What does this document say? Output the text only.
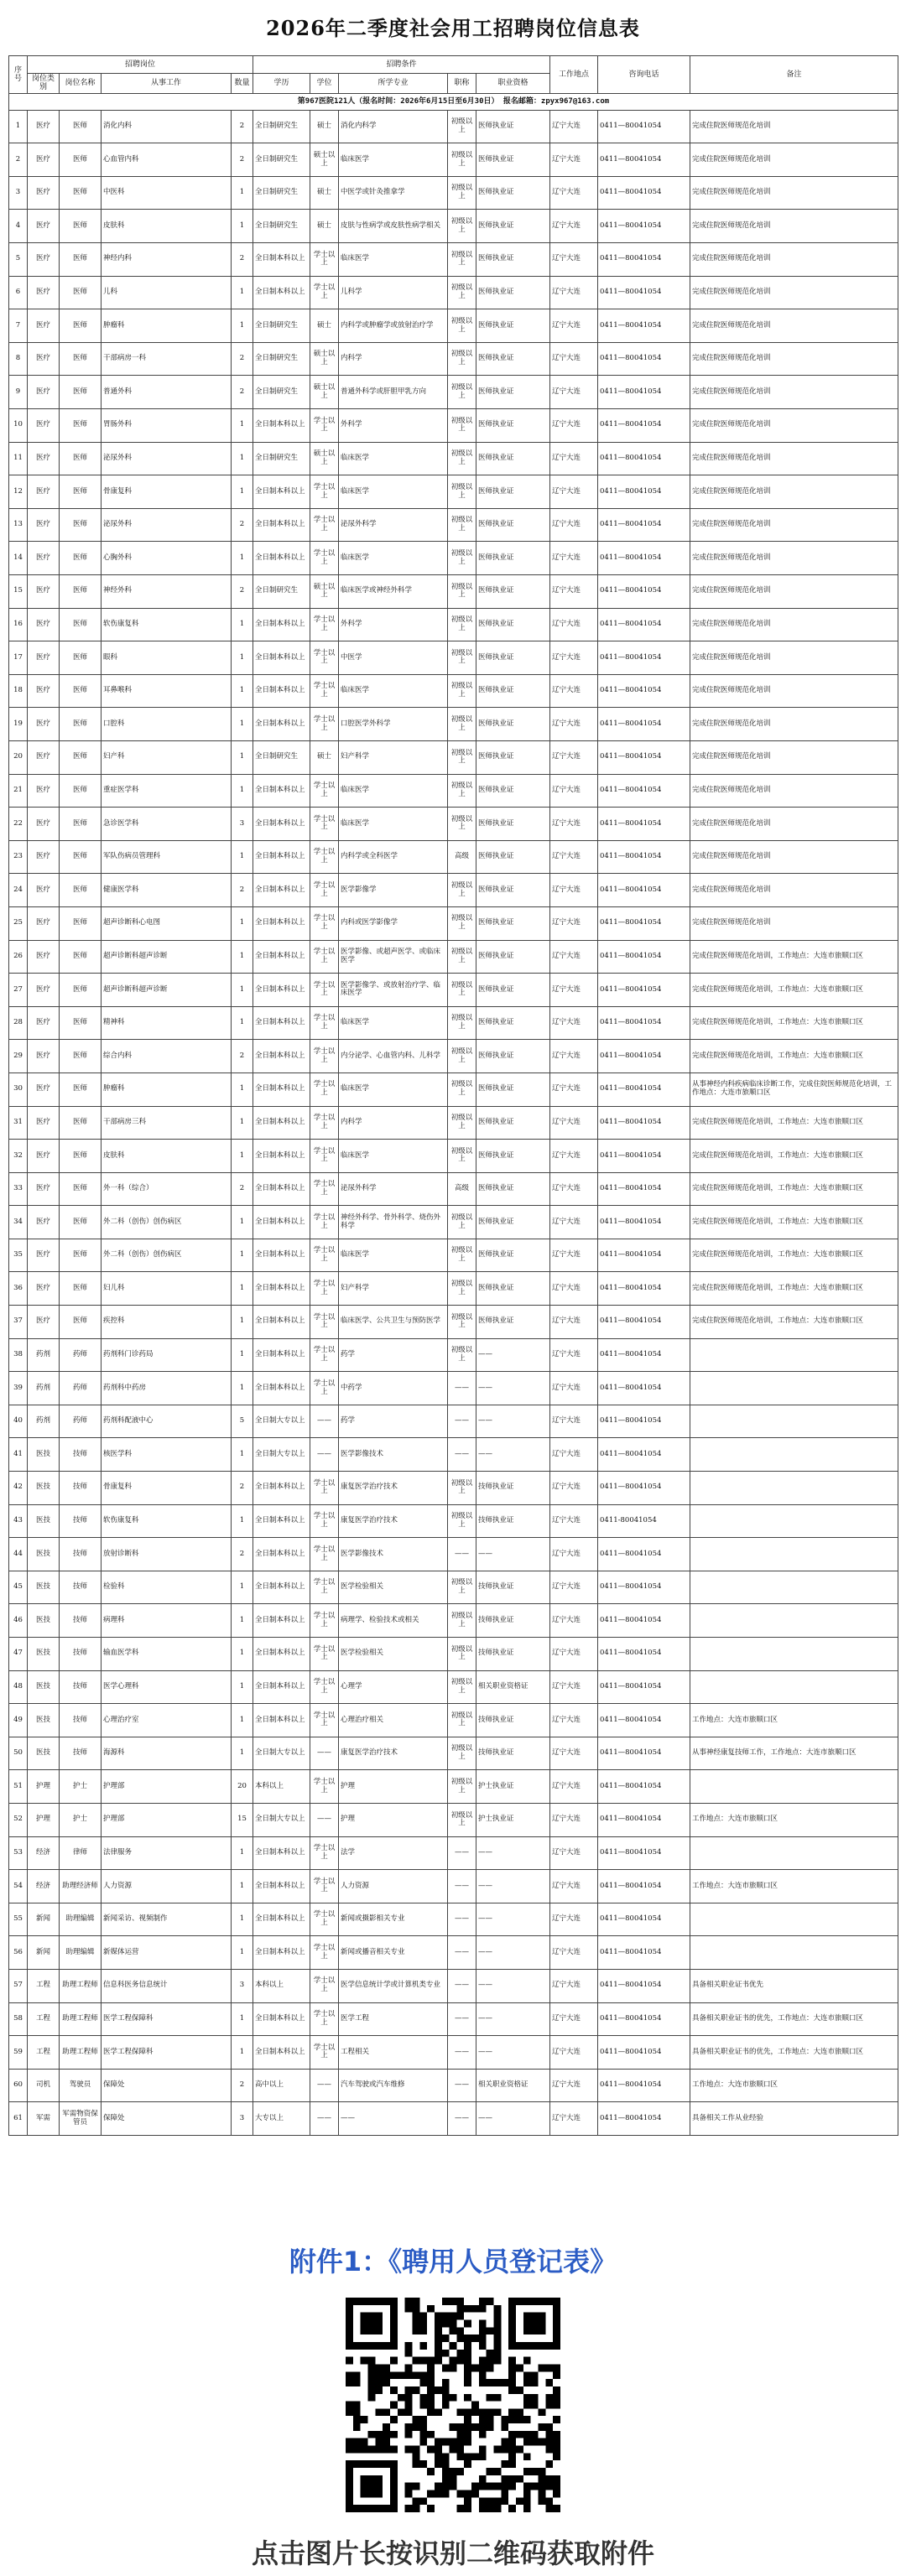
2026年二季度社会用工招聘岗位信息表
序号	招聘岗位				招聘条件					工作地点	咨询电话	备注
	岗位类别	岗位名称	从事工作	数量	学历	学位	所学专业	职称	职业资格			
第967医院121人（报名时间：2026年6月15日至6月30日） 报名邮箱：zpyx967@163.com												
1	医疗	医师	消化内科	2	全日制研究生	硕士	消化内科学	初级以上	医师执业证	辽宁大连	0411—80041054	完成住院医师规范化培训
2	医疗	医师	心血管内科	2	全日制研究生	硕士以上	临床医学	初级以上	医师执业证	辽宁大连	0411—80041054	完成住院医师规范化培训
3	医疗	医师	中医科	1	全日制研究生	硕士	中医学或针灸推拿学	初级以上	医师执业证	辽宁大连	0411—80041054	完成住院医师规范化培训
4	医疗	医师	皮肤科	1	全日制研究生	硕士	皮肤与性病学或皮肤性病学相关	初级以上	医师执业证	辽宁大连	0411—80041054	完成住院医师规范化培训
5	医疗	医师	神经内科	2	全日制本科以上	学士以上	临床医学	初级以上	医师执业证	辽宁大连	0411—80041054	完成住院医师规范化培训
6	医疗	医师	儿科	1	全日制本科以上	学士以上	儿科学	初级以上	医师执业证	辽宁大连	0411—80041054	完成住院医师规范化培训
7	医疗	医师	肿瘤科	1	全日制研究生	硕士	内科学或肿瘤学或放射治疗学	初级以上	医师执业证	辽宁大连	0411—80041054	完成住院医师规范化培训
8	医疗	医师	干部病房一科	2	全日制研究生	硕士以上	内科学	初级以上	医师执业证	辽宁大连	0411—80041054	完成住院医师规范化培训
9	医疗	医师	普通外科	2	全日制研究生	硕士以上	普通外科学或肝胆甲乳方向	初级以上	医师执业证	辽宁大连	0411—80041054	完成住院医师规范化培训
10	医疗	医师	胃肠外科	1	全日制本科以上	学士以上	外科学	初级以上	医师执业证	辽宁大连	0411—80041054	完成住院医师规范化培训
11	医疗	医师	泌尿外科	1	全日制研究生	硕士以上	临床医学	初级以上	医师执业证	辽宁大连	0411—80041054	完成住院医师规范化培训
12	医疗	医师	骨康复科	1	全日制本科以上	学士以上	临床医学	初级以上	医师执业证	辽宁大连	0411—80041054	完成住院医师规范化培训
13	医疗	医师	泌尿外科	2	全日制本科以上	学士以上	泌尿外科学	初级以上	医师执业证	辽宁大连	0411—80041054	完成住院医师规范化培训
14	医疗	医师	心胸外科	1	全日制本科以上	学士以上	临床医学	初级以上	医师执业证	辽宁大连	0411—80041054	完成住院医师规范化培训
15	医疗	医师	神经外科	2	全日制研究生	硕士以上	临床医学或神经外科学	初级以上	医师执业证	辽宁大连	0411—80041054	完成住院医师规范化培训
16	医疗	医师	软伤康复科	1	全日制本科以上	学士以上	外科学	初级以上	医师执业证	辽宁大连	0411—80041054	完成住院医师规范化培训
17	医疗	医师	眼科	1	全日制本科以上	学士以上	中医学	初级以上	医师执业证	辽宁大连	0411—80041054	完成住院医师规范化培训
18	医疗	医师	耳鼻喉科	1	全日制本科以上	学士以上	临床医学	初级以上	医师执业证	辽宁大连	0411—80041054	完成住院医师规范化培训
19	医疗	医师	口腔科	1	全日制本科以上	学士以上	口腔医学外科学	初级以上	医师执业证	辽宁大连	0411—80041054	完成住院医师规范化培训
20	医疗	医师	妇产科	1	全日制研究生	硕士	妇产科学	初级以上	医师执业证	辽宁大连	0411—80041054	完成住院医师规范化培训
21	医疗	医师	重症医学科	1	全日制本科以上	学士以上	临床医学	初级以上	医师执业证	辽宁大连	0411—80041054	完成住院医师规范化培训
22	医疗	医师	急诊医学科	3	全日制本科以上	学士以上	临床医学	初级以上	医师执业证	辽宁大连	0411—80041054	完成住院医师规范化培训
23	医疗	医师	军队伤病员管理科	1	全日制本科以上	学士以上	内科学或全科医学	高级	医师执业证	辽宁大连	0411—80041054	完成住院医师规范化培训
24	医疗	医师	健康医学科	2	全日制本科以上	学士以上	医学影像学	初级以上	医师执业证	辽宁大连	0411—80041054	完成住院医师规范化培训
25	医疗	医师	超声诊断科心电图	1	全日制本科以上	学士以上	内科或医学影像学	初级以上	医师执业证	辽宁大连	0411—80041054	完成住院医师规范化培训
26	医疗	医师	超声诊断科超声诊断	1	全日制本科以上	学士以上	医学影像、或超声医学、或临床医学	初级以上	医师执业证	辽宁大连	0411—80041054	完成住院医师规范化培训，工作地点：大连市旅顺口区
27	医疗	医师	超声诊断科超声诊断	1	全日制本科以上	学士以上	医学影像学、或放射治疗学、临床医学	初级以上	医师执业证	辽宁大连	0411—80041054	完成住院医师规范化培训，工作地点：大连市旅顺口区
28	医疗	医师	精神科	1	全日制本科以上	学士以上	临床医学	初级以上	医师执业证	辽宁大连	0411—80041054	完成住院医师规范化培训，工作地点：大连市旅顺口区
29	医疗	医师	综合内科	2	全日制本科以上	学士以上	内分泌学、心血管内科、儿科学	初级以上	医师执业证	辽宁大连	0411—80041054	完成住院医师规范化培训，工作地点：大连市旅顺口区
30	医疗	医师	肿瘤科	1	全日制本科以上	学士以上	临床医学	初级以上	医师执业证	辽宁大连	0411—80041054	从事神经内科疾病临床诊断工作，完成住院医师规范化培训，工作地点：大连市旅顺口区
31	医疗	医师	干部病房三科	1	全日制本科以上	学士以上	内科学	初级以上	医师执业证	辽宁大连	0411—80041054	完成住院医师规范化培训，工作地点：大连市旅顺口区
32	医疗	医师	皮肤科	1	全日制本科以上	学士以上	临床医学	初级以上	医师执业证	辽宁大连	0411—80041054	完成住院医师规范化培训，工作地点：大连市旅顺口区
33	医疗	医师	外一科（综合）	2	全日制本科以上	学士以上	泌尿外科学	高级	医师执业证	辽宁大连	0411—80041054	完成住院医师规范化培训，工作地点：大连市旅顺口区
34	医疗	医师	外二科（创伤）创伤病区	1	全日制本科以上	学士以上	神经外科学、骨外科学、烧伤外科学	初级以上	医师执业证	辽宁大连	0411—80041054	完成住院医师规范化培训，工作地点：大连市旅顺口区
35	医疗	医师	外二科（创伤）创伤病区	1	全日制本科以上	学士以上	临床医学	初级以上	医师执业证	辽宁大连	0411—80041054	完成住院医师规范化培训，工作地点：大连市旅顺口区
36	医疗	医师	妇儿科	1	全日制本科以上	学士以上	妇产科学	初级以上	医师执业证	辽宁大连	0411—80041054	完成住院医师规范化培训，工作地点：大连市旅顺口区
37	医疗	医师	疾控科	1	全日制本科以上	学士以上	临床医学、公共卫生与预防医学	初级以上	医师执业证	辽宁大连	0411—80041054	完成住院医师规范化培训，工作地点：大连市旅顺口区
38	药剂	药师	药剂科门诊药局	1	全日制本科以上	学士以上	药学	初级以上	——	辽宁大连	0411—80041054	
39	药剂	药师	药剂科中药房	1	全日制本科以上	学士以上	中药学	——	——	辽宁大连	0411—80041054	
40	药剂	药师	药剂科配液中心	5	全日制大专以上	——	药学	——	——	辽宁大连	0411—80041054	
41	医技	技师	核医学科	1	全日制大专以上	——	医学影像技术	——	——	辽宁大连	0411—80041054	
42	医技	技师	骨康复科	2	全日制本科以上	学士以上	康复医学治疗技术	初级以上	技师执业证	辽宁大连	0411—80041054	
43	医技	技师	软伤康复科	1	全日制本科以上	学士以上	康复医学治疗技术	初级以上	技师执业证	辽宁大连	0411-80041054	
44	医技	技师	放射诊断科	2	全日制本科以上	学士以上	医学影像技术	——	——	辽宁大连	0411—80041054	
45	医技	技师	检验科	1	全日制本科以上	学士以上	医学检验相关	初级以上	技师执业证	辽宁大连	0411—80041054	
46	医技	技师	病理科	1	全日制本科以上	学士以上	病理学、检验技术或相关	初级以上	技师执业证	辽宁大连	0411—80041054	
47	医技	技师	输血医学科	1	全日制本科以上	学士以上	医学检验相关	初级以上	技师执业证	辽宁大连	0411—80041054	
48	医技	技师	医学心理科	1	全日制本科以上	学士以上	心理学	初级以上	相关职业资格证	辽宁大连	0411—80041054	
49	医技	技师	心理治疗室	1	全日制本科以上	学士以上	心理治疗相关	初级以上	技师执业证	辽宁大连	0411—80041054	工作地点：大连市旅顺口区
50	医技	技师	海源科	1	全日制大专以上	——	康复医学治疗技术	初级以上	技师执业证	辽宁大连	0411—80041054	从事神经康复技师工作，工作地点：大连市旅顺口区
51	护理	护士	护理部	20	本科以上	学士以上	护理	初级以上	护士执业证	辽宁大连	0411—80041054	
52	护理	护士	护理部	15	全日制大专以上	——	护理	初级以上	护士执业证	辽宁大连	0411—80041054	工作地点：大连市旅顺口区
53	经济	律师	法律服务	1	全日制本科以上	学士以上	法学	——	——	辽宁大连	0411—80041054	
54	经济	助理经济师	人力资源	1	全日制本科以上	学士以上	人力资源	——	——	辽宁大连	0411—80041054	工作地点：大连市旅顺口区
55	新闻	助理编辑	新闻采访、视频制作	1	全日制本科以上	学士以上	新闻或摄影相关专业	——	——	辽宁大连	0411—80041054	
56	新闻	助理编辑	新媒体运营	1	全日制本科以上	学士以上	新闻或播音相关专业	——	——	辽宁大连	0411—80041054	
57	工程	助理工程师	信息科医务信息统计	3	本科以上	学士以上	医学信息统计学或计算机类专业	——	——	辽宁大连	0411—80041054	具备相关职业证书优先
58	工程	助理工程师	医学工程保障科	1	全日制本科以上	学士以上	医学工程	——	——	辽宁大连	0411—80041054	具备相关职业证书的优先，工作地点：大连市旅顺口区
59	工程	助理工程师	医学工程保障科	1	全日制本科以上	学士以上	工程相关	——	——	辽宁大连	0411—80041054	具备相关职业证书的优先，工作地点：大连市旅顺口区
60	司机	驾驶员	保障处	2	高中以上	——	汽车驾驶或汽车维修	——	相关职业资格证	辽宁大连	0411—80041054	工作地点：大连市旅顺口区
61	军需	军需物资保管员	保障处	3	大专以上	——	——	——	——	辽宁大连	0411—80041054	具备相关工作从业经验
附件1：《聘用人员登记表》
点击图片长按识别二维码获取附件
